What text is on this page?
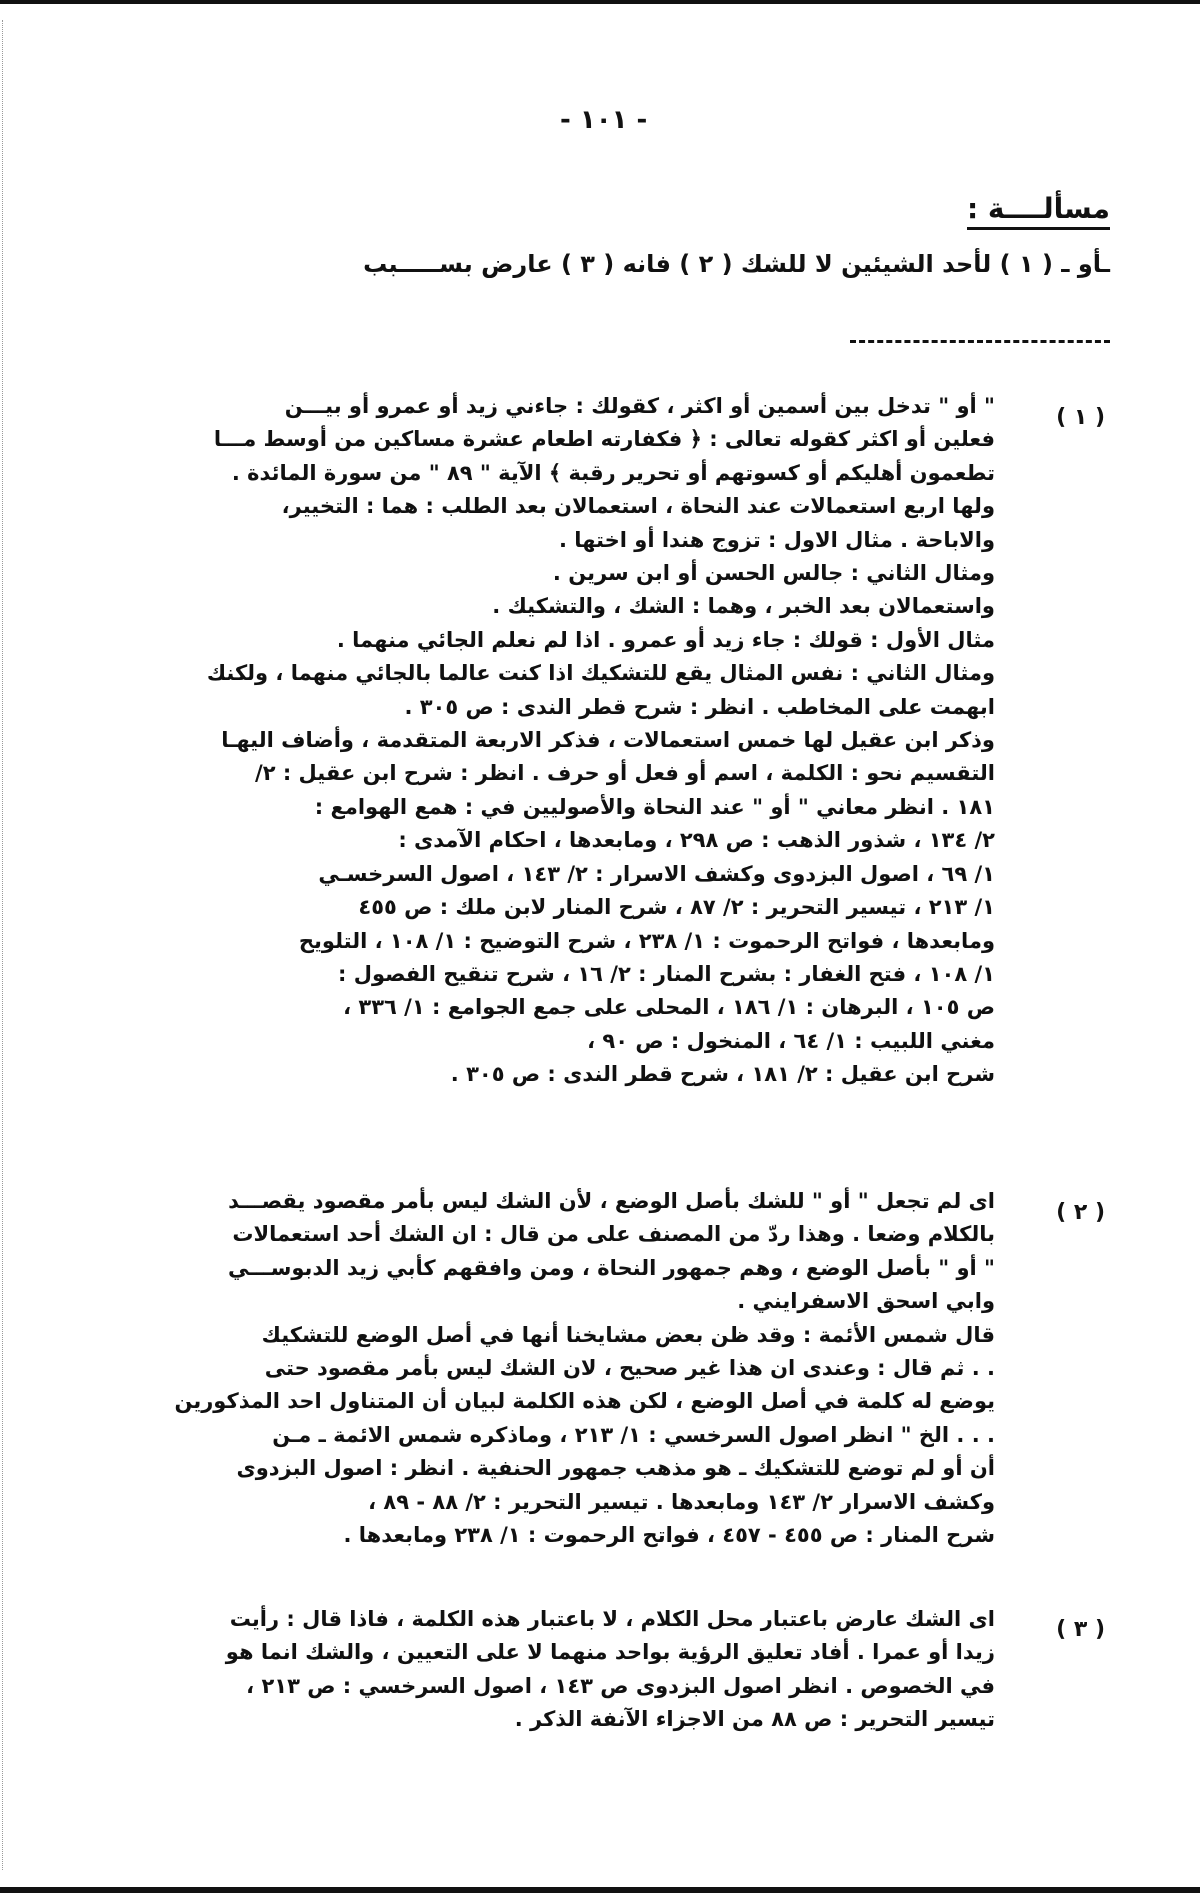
- ١٠١ -
مسألــــة :
ـأو ـ ( ١ ) لأحد الشيئين لا للشك ( ٢ ) فانه ( ٣ ) عارض بســـــبب
( ١ )
" أو " تدخل بين أسمين أو اكثر ، كقولك : جاءني زيد أو عمرو أو بيـــن
فعلين أو اكثر كقوله تعالى : ﴿ فكفارته اطعام عشرة مساكين من أوسط مـــا
تطعمون أهليكم أو كسوتهم أو تحرير رقبة ﴾ الآية " ٨٩ " من سورة المائدة .
ولها اربع استعمالات عند النحاة ، استعمالان بعد الطلب : هما : التخيير،
والاباحة . مثال الاول : تزوج هندا أو اختها .
ومثال الثاني : جالس الحسن أو ابن سرين .
واستعمالان بعد الخبر ، وهما : الشك ، والتشكيك .
مثال الأول : قولك : جاء زيد أو عمرو . اذا لم نعلم الجائي منهما .
ومثال الثاني : نفس المثال يقع للتشكيك اذا كنت عالما بالجائي منهما ، ولكنك
ابهمت على المخاطب . انظر : شرح قطر الندى : ص ٣٠٥ .
وذكر ابن عقيل لها خمس استعمالات ، فذكر الاربعة المتقدمة ، وأضاف اليهـا
التقسيم نحو : الكلمة ، اسم أو فعل أو حرف . انظر : شرح ابن عقيل : ٢/
١٨١ . انظر معاني " أو " عند النحاة والأصوليين في : همع الهوامع :
٢/ ١٣٤ ، شذور الذهب : ص ٢٩٨ ، ومابعدها ، احكام الآمدى :
١/ ٦٩ ، اصول البزدوى وكشف الاسرار : ٢/ ١٤٣ ، اصول السرخسـي
١/ ٢١٣ ، تيسير التحرير : ٢/ ٨٧ ، شرح المنار لابن ملك : ص ٤٥٥
ومابعدها ، فواتح الرحموت : ١/ ٢٣٨ ، شرح التوضيح : ١/ ١٠٨ ، التلويح
١/ ١٠٨ ، فتح الغفار : بشرح المنار : ٢/ ١٦ ، شرح تنقيح الفصول :
ص ١٠٥ ، البرهان : ١/ ١٨٦ ، المحلى على جمع الجوامع : ١/ ٣٣٦ ،
مغني اللبيب : ١/ ٦٤ ، المنخول : ص ٩٠ ،
شرح ابن عقيل : ٢/ ١٨١ ، شرح قطر الندى : ص ٣٠٥ .
( ٢ )
اى لم تجعل " أو " للشك بأصل الوضع ، لأن الشك ليس بأمر مقصود يقصـــد
بالكلام وضعا . وهذا ردّ من المصنف على من قال : ان الشك أحد استعمالات
" أو " بأصل الوضع ، وهم جمهور النحاة ، ومن وافقهم كأبي زيد الدبوســـي
وابي اسحق الاسفرايني .
قال شمس الأئمة : وقد ظن بعض مشايخنا أنها في أصل الوضع للتشكيك
. . ثم قال : وعندى ان هذا غير صحيح ، لان الشك ليس بأمر مقصود حتى
يوضع له كلمة في أصل الوضع ، لكن هذه الكلمة لبيان أن المتناول احد المذكورين
. . . الخ " انظر اصول السرخسي : ١/ ٢١٣ ، وماذكره شمس الائمة ـ مـن
أن أو لم توضع للتشكيك ـ هو مذهب جمهور الحنفية . انظر : اصول البزدوى
وكشف الاسرار ٢/ ١٤٣ ومابعدها . تيسير التحرير : ٢/ ٨٨ - ٨٩ ،
شرح المنار : ص ٤٥٥ - ٤٥٧ ، فواتح الرحموت : ١/ ٢٣٨ ومابعدها .
( ٣ )
اى الشك عارض باعتبار محل الكلام ، لا باعتبار هذه الكلمة ، فاذا قال : رأيت
زيدا أو عمرا . أفاد تعليق الرؤية بواحد منهما لا على التعيين ، والشك انما هو
في الخصوص . انظر اصول البزدوى ص ١٤٣ ، اصول السرخسي : ص ٢١٣ ،
تيسير التحرير : ص ٨٨ من الاجزاء الآنفة الذكر .
